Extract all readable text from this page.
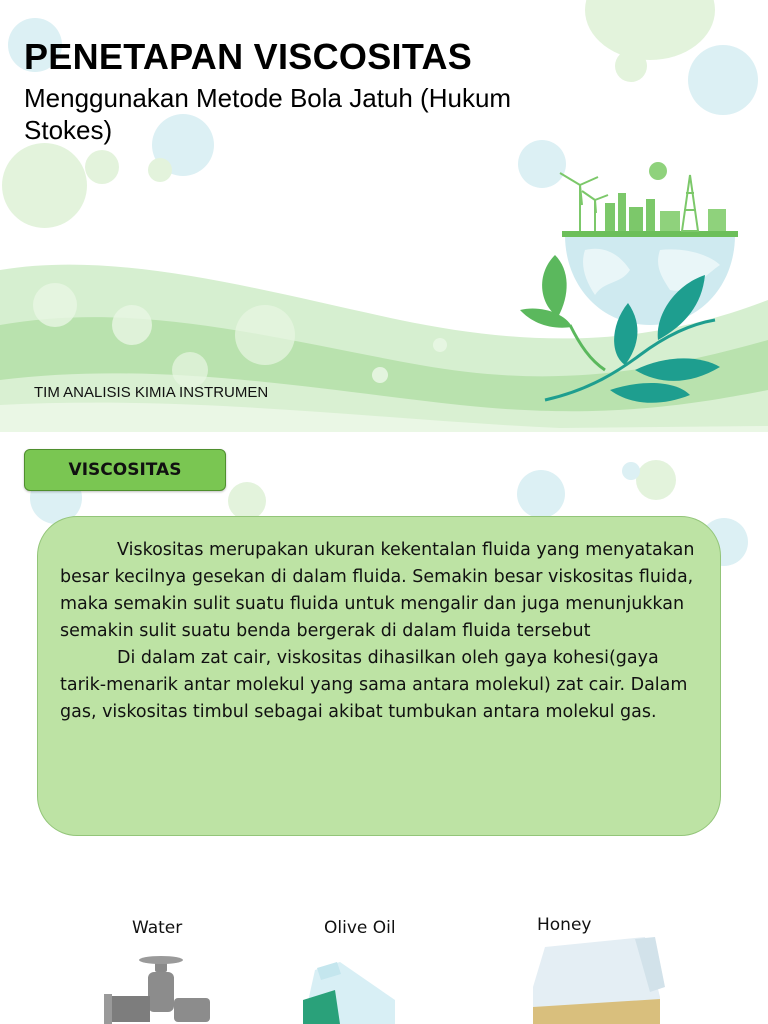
PENETAPAN VISCOSITAS
Menggunakan Metode Bola Jatuh (Hukum Stokes)
TIM ANALISIS KIMIA INSTRUMEN
VISCOSITAS

Viskositas merupakan ukuran kekentalan fluida yang menyatakan besar kecilnya gesekan di dalam fluida. Semakin besar viskositas fluida, maka semakin sulit suatu fluida untuk mengalir dan juga menunjukkan semakin sulit suatu benda bergerak di dalam fluida tersebut

Di dalam zat cair, viskositas dihasilkan oleh gaya kohesi(gaya tarik-menarik antar molekul yang sama antara molekul) zat cair. Dalam gas, viskositas timbul sebagai akibat tumbukan antara molekul gas.

Water	Olive Oil	Honey
